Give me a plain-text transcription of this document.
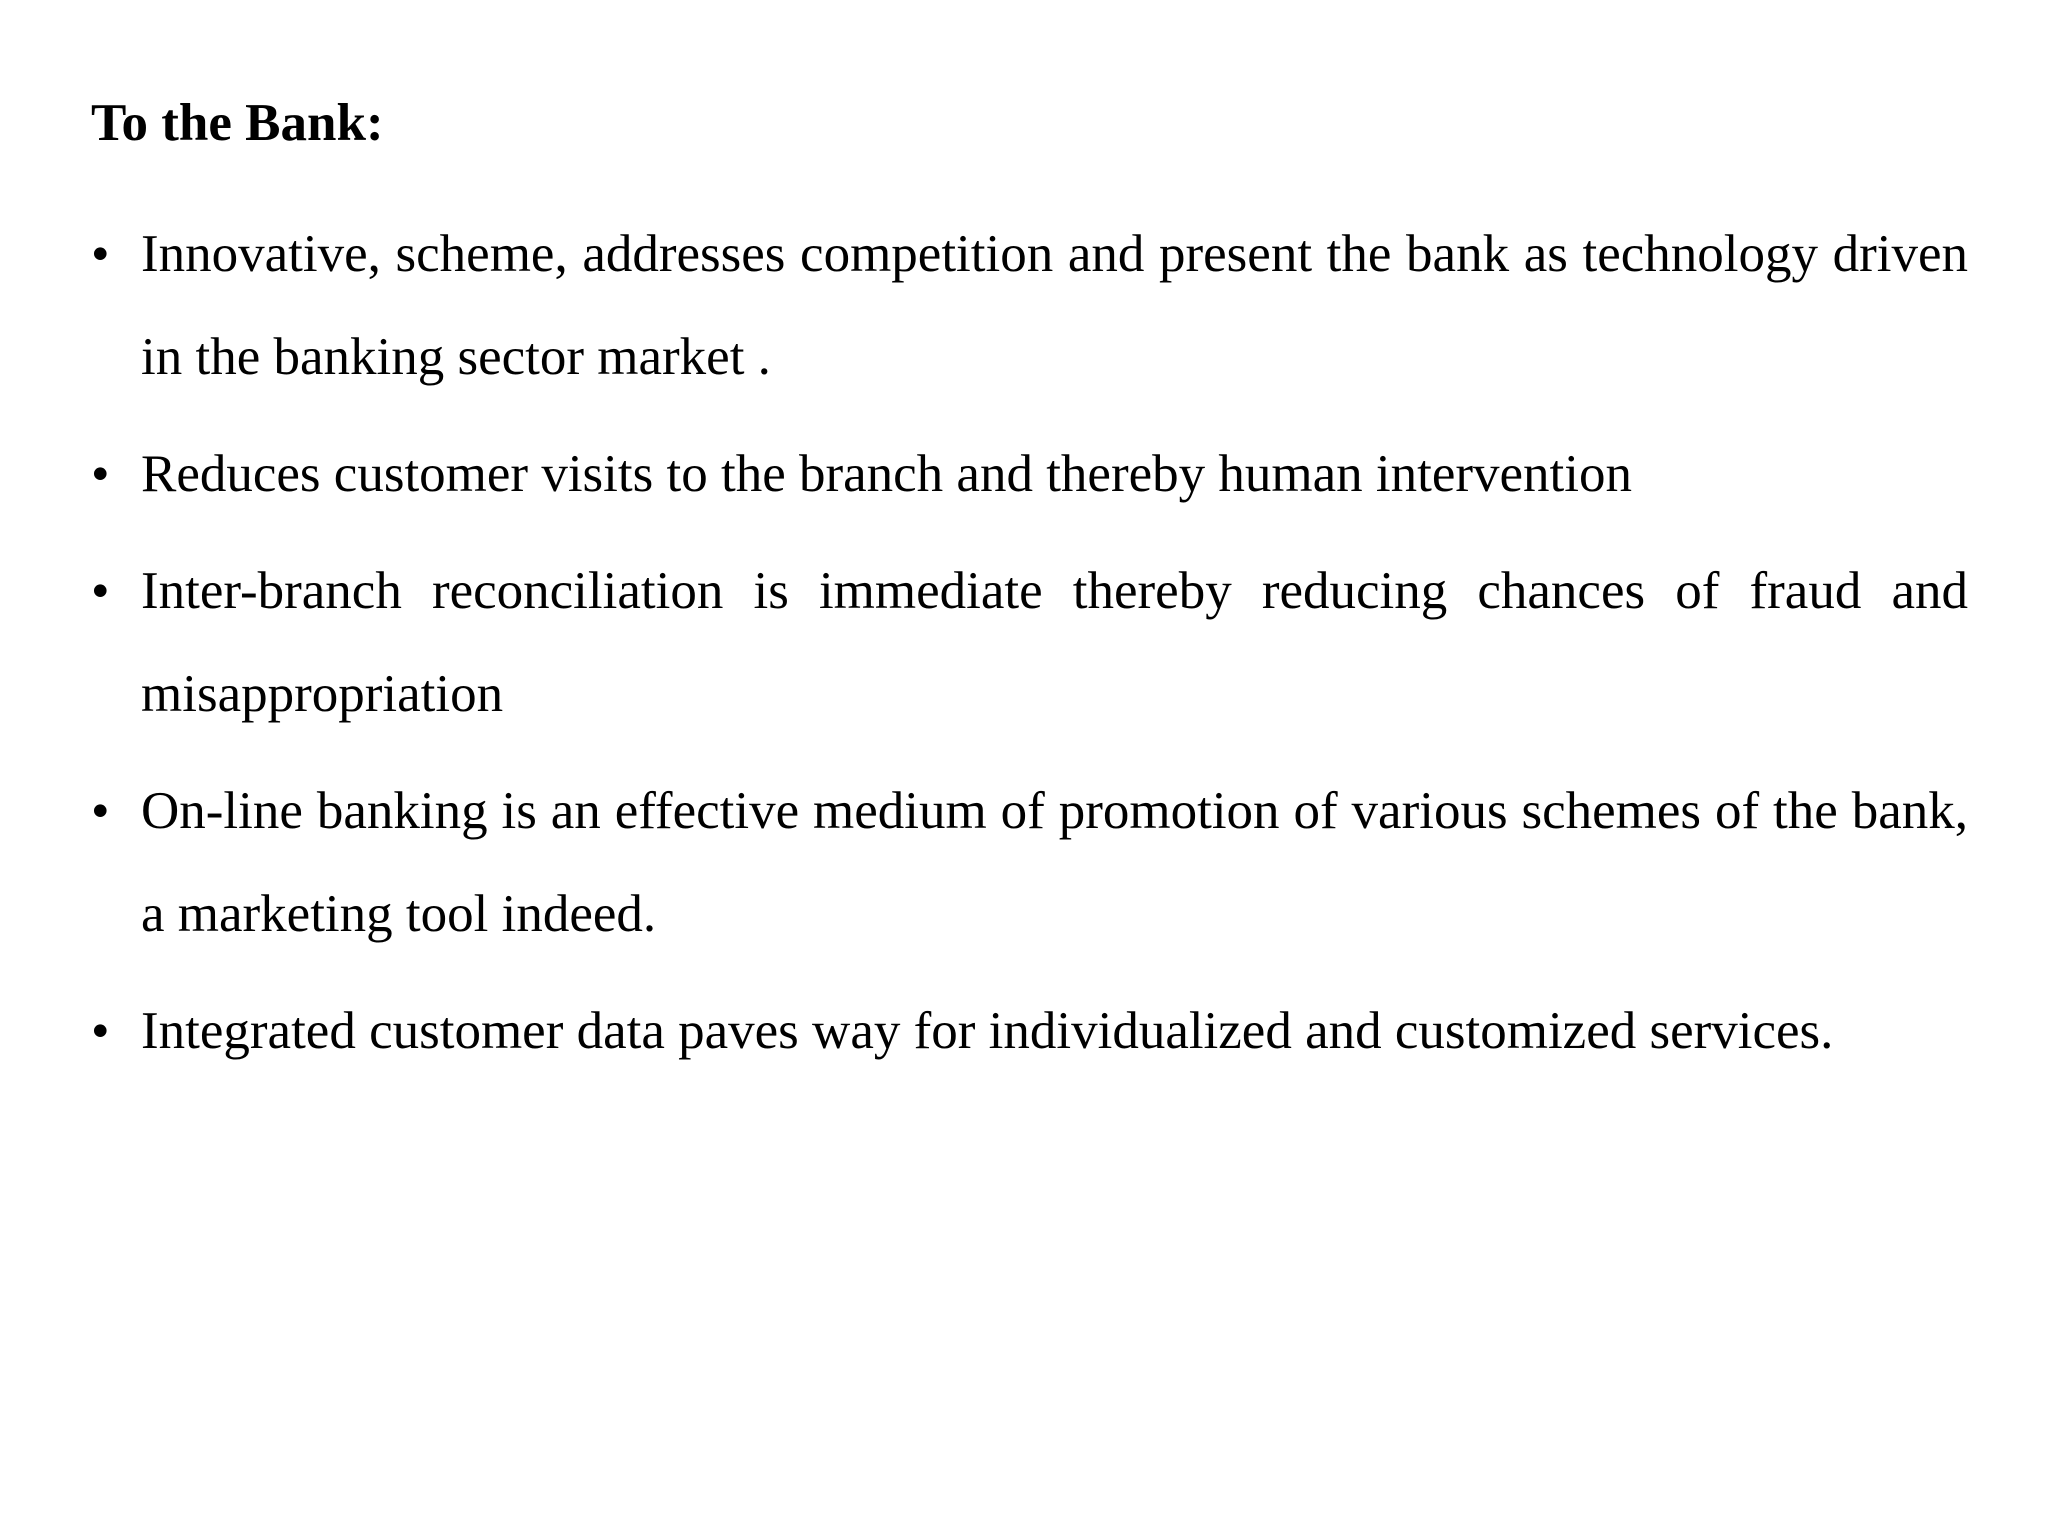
To the Bank:
• Innovative, scheme, addresses competition and present the bank as technology driven in the banking sector market .
• Reduces customer visits to the branch and thereby human intervention
• Inter-branch reconciliation is immediate thereby reducing chances of fraud and misappropriation
• On-line banking is an effective medium of promotion of various schemes of the bank, a marketing tool indeed.
• Integrated customer data paves way for individualized and customized services.
